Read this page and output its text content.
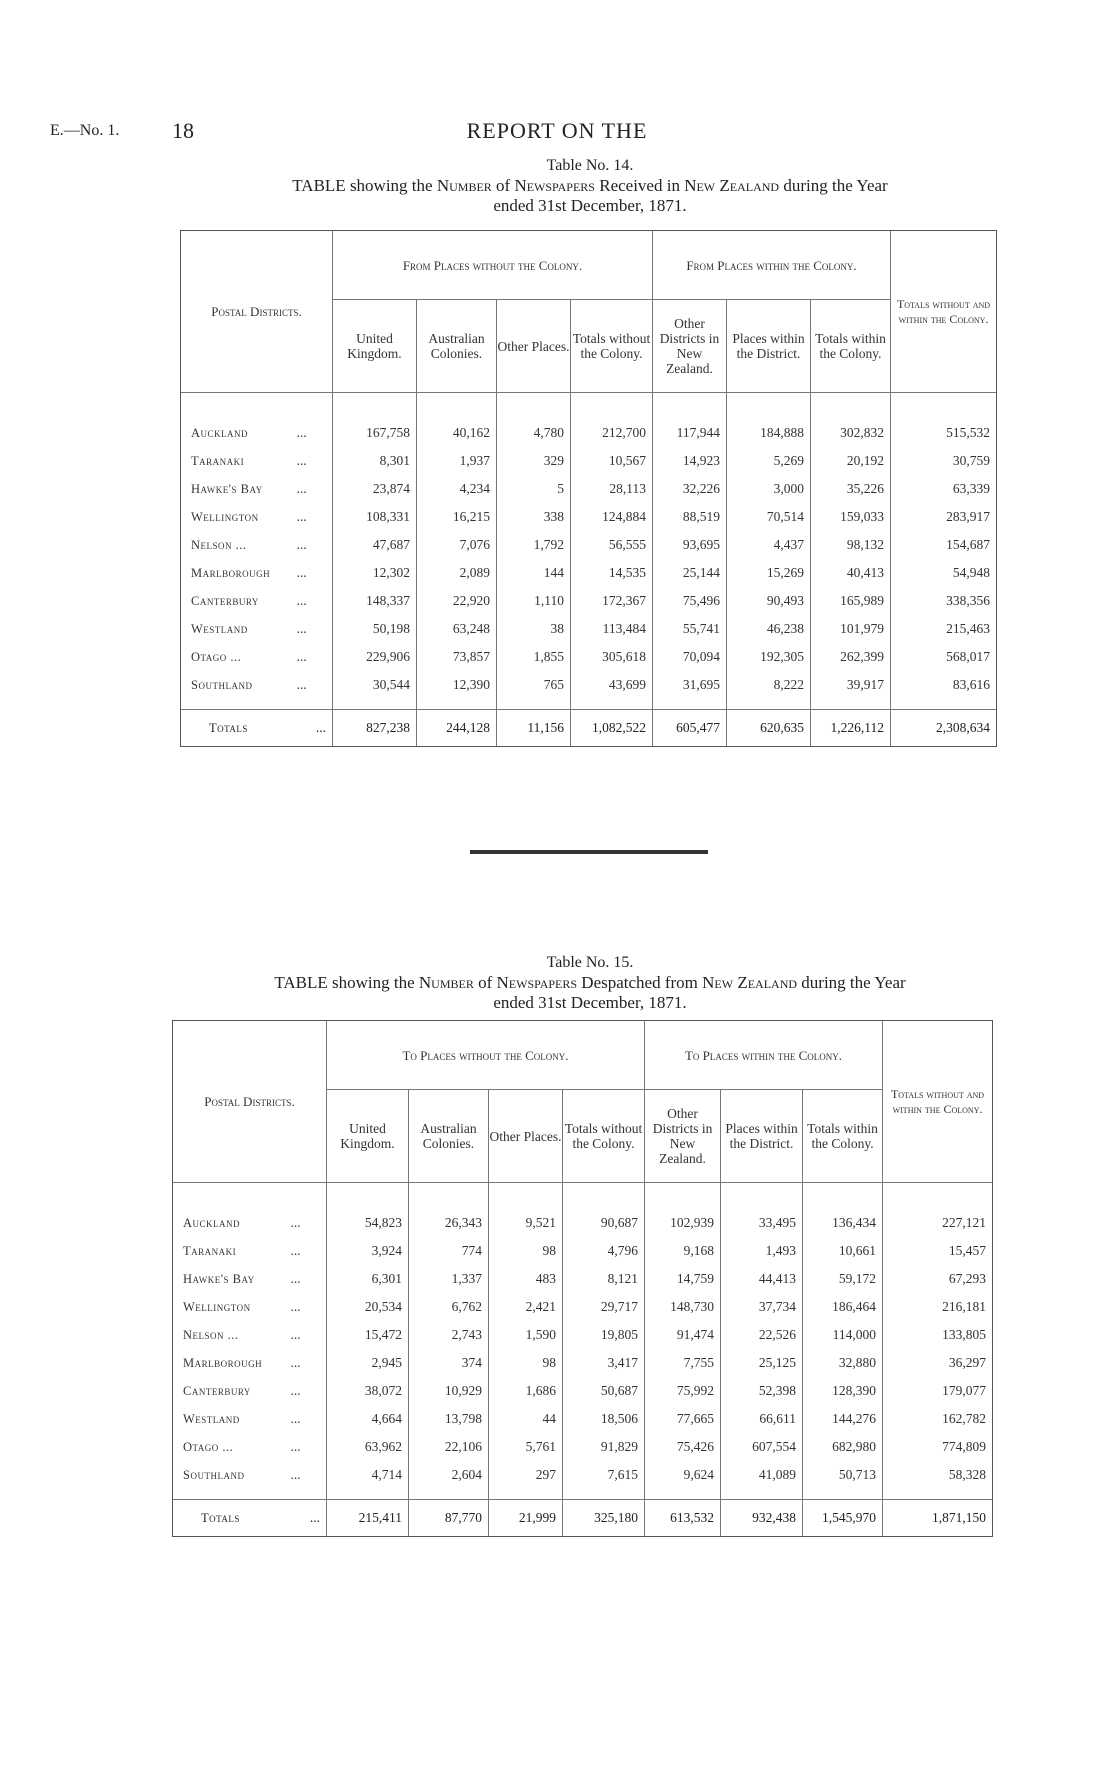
E.—No. 1. 18	REPORT ON THE
Table No. 14.
TABLE showing the Number of Newspapers Received in New Zealand during the Year
ended 31st December, 1871.
Postal Districts.		From Places without the Colony.				From Places within the Colony.			Totals without and within the Colony.
		United Kingdom.	Australian Colonies.	Other Places.	Totals without the Colony.	Other Districts in New Zealand.	Places within the District.	Totals within the Colony.	

Auckland	...	167,758	40,162	4,780	212,700	117,944	184,888	302,832	515,532
Taranaki	...	8,301	1,937	329	10,567	14,923	5,269	20,192	30,759
Hawke's Bay	...	23,874	4,234	5	28,113	32,226	3,000	35,226	63,339
Wellington	...	108,331	16,215	338	124,884	88,519	70,514	159,033	283,917
Nelson ...	...	47,687	7,076	1,792	56,555	93,695	4,437	98,132	154,687
Marlborough	...	12,302	2,089	144	14,535	25,144	15,269	40,413	54,948
Canterbury	...	148,337	22,920	1,110	172,367	75,496	90,493	165,989	338,356
Westland	...	50,198	63,248	38	113,484	55,741	46,238	101,979	215,463
Otago ...	...	229,906	73,857	1,855	305,618	70,094	192,305	262,399	568,017
Southland	...	30,544	12,390	765	43,699	31,695	8,222	39,917	83,616

Totals	...	827,238	244,128	11,156	1,082,522	605,477	620,635	1,226,112	2,308,634
Table No. 15.
TABLE showing the Number of Newspapers Despatched from New Zealand during the Year
ended 31st December, 1871.
Postal Districts.		To Places without the Colony.				To Places within the Colony.			Totals without and within the Colony.
		United Kingdom.	Australian Colonies.	Other Places.	Totals without the Colony.	Other Districts in New Zealand.	Places within the District.	Totals within the Colony.	

Auckland	...	54,823	26,343	9,521	90,687	102,939	33,495	136,434	227,121
Taranaki	...	3,924	774	98	4,796	9,168	1,493	10,661	15,457
Hawke's Bay	...	6,301	1,337	483	8,121	14,759	44,413	59,172	67,293
Wellington	...	20,534	6,762	2,421	29,717	148,730	37,734	186,464	216,181
Nelson ...	...	15,472	2,743	1,590	19,805	91,474	22,526	114,000	133,805
Marlborough	...	2,945	374	98	3,417	7,755	25,125	32,880	36,297
Canterbury	...	38,072	10,929	1,686	50,687	75,992	52,398	128,390	179,077
Westland	...	4,664	13,798	44	18,506	77,665	66,611	144,276	162,782
Otago ...	...	63,962	22,106	5,761	91,829	75,426	607,554	682,980	774,809
Southland	...	4,714	2,604	297	7,615	9,624	41,089	50,713	58,328

Totals	...	215,411	87,770	21,999	325,180	613,532	932,438	1,545,970	1,871,150
